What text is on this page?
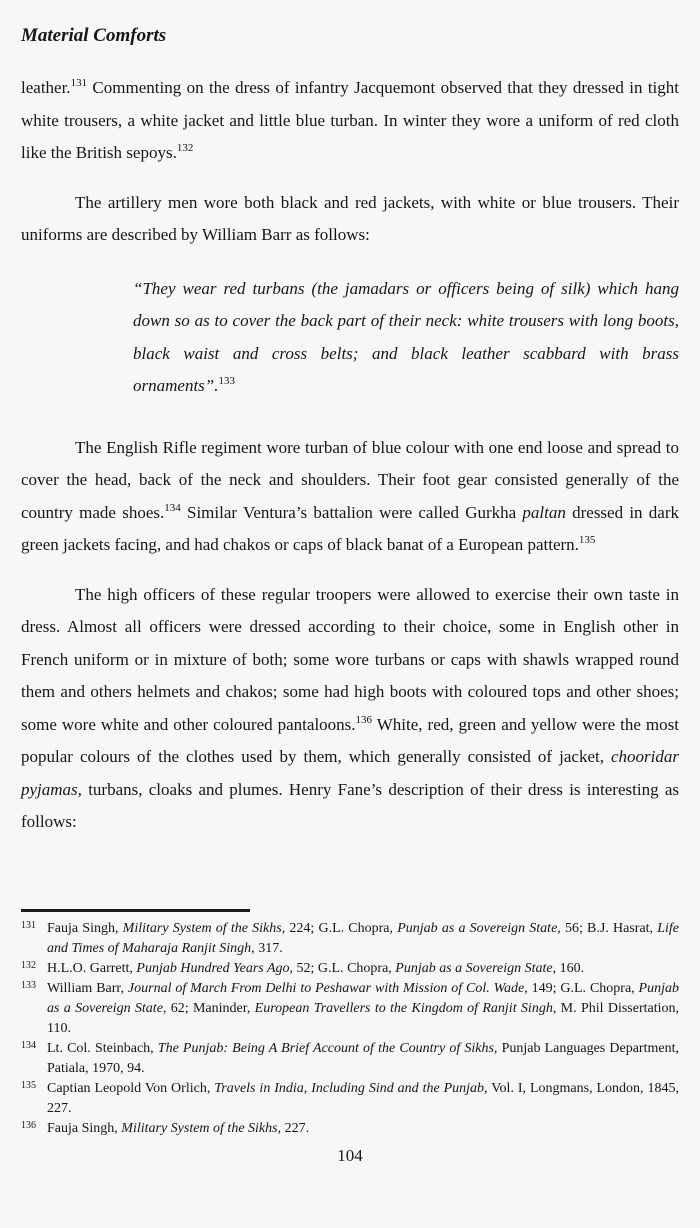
Material Comforts

leather.$^{131}$ Commenting on the dress of infantry Jacquemont observed that they dressed in tight white trousers, a white jacket and little blue turban. In winter they wore a uniform of red cloth like the British sepoys.$^{132}$

The artillery men wore both black and red jackets, with white or blue trousers. Their uniforms are described by William Barr as follows:

“They wear red turbans (the jamadars or officers being of silk) which hang down so as to cover the back part of their neck: white trousers with long boots, black waist and cross belts; and black leather scabbard with brass ornaments”.$^{133}$

The English Rifle regiment wore turban of blue colour with one end loose and spread to cover the head, back of the neck and shoulders. Their foot gear consisted generally of the country made shoes.$^{134}$ Similar Ventura’s battalion were called Gurkha paltan dressed in dark green jackets facing, and had chakos or caps of black banat of a European pattern.$^{135}$

The high officers of these regular troopers were allowed to exercise their own taste in dress. Almost all officers were dressed according to their choice, some in English other in French uniform or in mixture of both; some wore turbans or caps with shawls wrapped round them and others helmets and chakos; some had high boots with coloured tops and other shoes; some wore white and other coloured pantaloons.$^{136}$ White, red, green and yellow were the most popular colours of the clothes used by them, which generally consisted of jacket, chooridar pyjamas, turbans, cloaks and plumes. Henry Fane’s description of their dress is interesting as follows:

131 Fauja Singh, Military System of the Sikhs, 224; G.L. Chopra, Punjab as a Sovereign State, 56; B.J. Hasrat, Life and Times of Maharaja Ranjit Singh, 317.
132 H.L.O. Garrett, Punjab Hundred Years Ago, 52; G.L. Chopra, Punjab as a Sovereign State, 160.
133 William Barr, Journal of March From Delhi to Peshawar with Mission of Col. Wade, 149; G.L. Chopra, Punjab as a Sovereign State, 62; Maninder, European Travellers to the Kingdom of Ranjit Singh, M. Phil Dissertation, 110.
134 Lt. Col. Steinbach, The Punjab: Being A Brief Account of the Country of Sikhs, Punjab Languages Department, Patiala, 1970, 94.
135 Captian Leopold Von Orlich, Travels in India, Including Sind and the Punjab, Vol. I, Longmans, London, 1845, 227.
136 Fauja Singh, Military System of the Sikhs, 227.
104
